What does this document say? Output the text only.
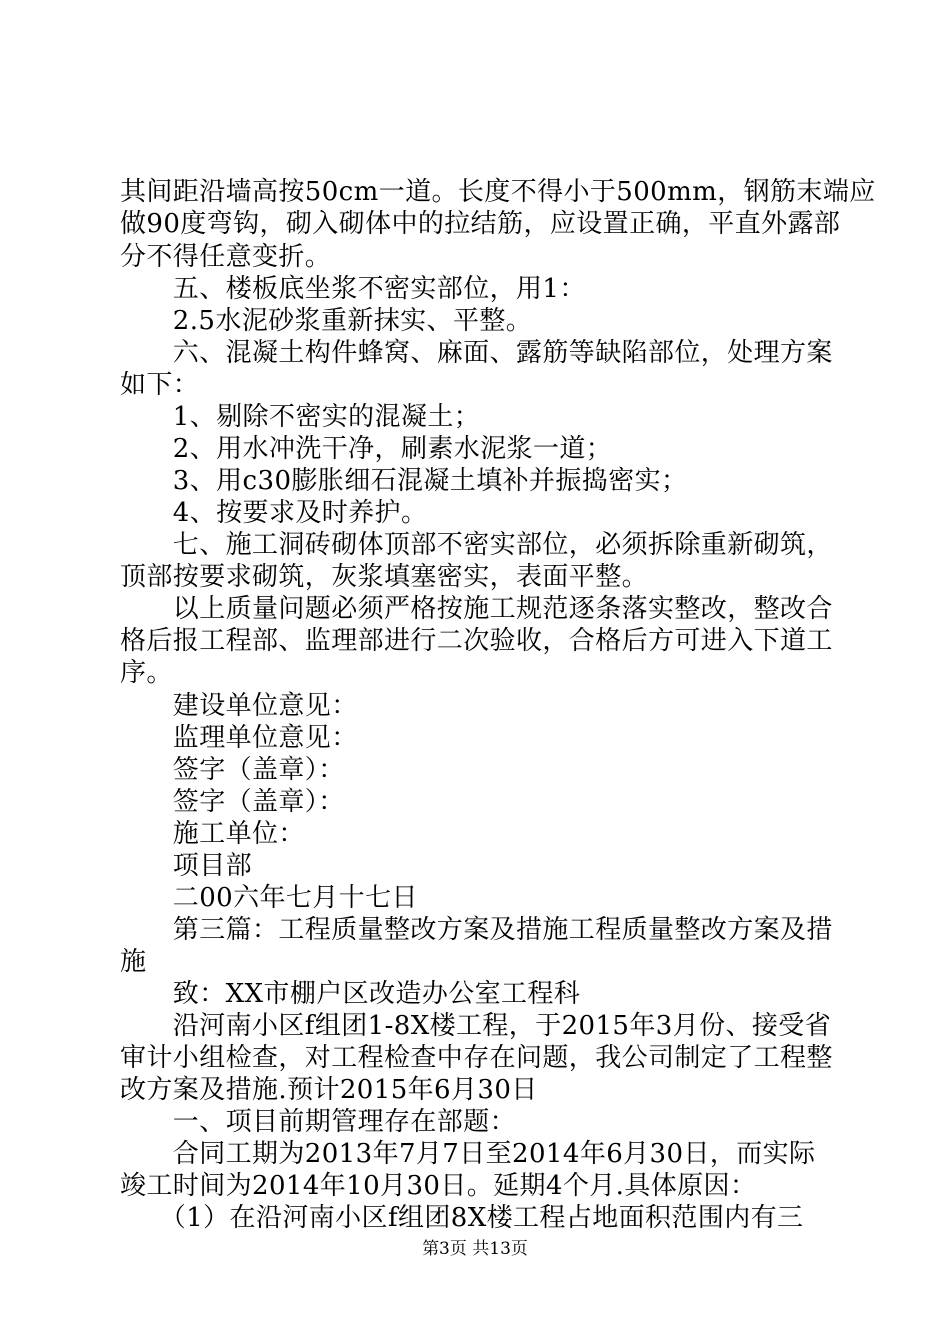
其间距沿墙高按50cm一道。长度不得小于500mm，钢筋末端应
做90度弯钩，砌入砌体中的拉结筋，应设置正确，平直外露部
分不得任意变折。
　　五、楼板底坐浆不密实部位，用1：
　　2.5水泥砂浆重新抹实、平整。
　　六、混凝土构件蜂窝、麻面、露筋等缺陷部位，处理方案
如下：
　　1、剔除不密实的混凝土；
　　2、用水冲洗干净，刷素水泥浆一道；
　　3、用c30膨胀细石混凝土填补并振捣密实；
　　4、按要求及时养护。
　　七、施工洞砖砌体顶部不密实部位，必须拆除重新砌筑，
顶部按要求砌筑，灰浆填塞密实，表面平整。
　　以上质量问题必须严格按施工规范逐条落实整改，整改合
格后报工程部、监理部进行二次验收，合格后方可进入下道工
序。
　　建设单位意见：
　　监理单位意见：
　　签字（盖章）：
　　签字（盖章）：
　　施工单位：
　　项目部
　　二00六年七月十七日
　　第三篇：工程质量整改方案及措施工程质量整改方案及措
施
　　致：XX市棚户区改造办公室工程科
　　沿河南小区f组团1-8X楼工程，于2015年3月份、接受省
审计小组检查，对工程检查中存在问题，我公司制定了工程整
改方案及措施.预计2015年6月30日
　　一、项目前期管理存在部题：
　　合同工期为2013年7月7日至2014年6月30日，而实际
竣工时间为2014年10月30日。延期4个月.具体原因：
　　（1）在沿河南小区f组团8X楼工程占地面积范围内有三
第3页 共13页
